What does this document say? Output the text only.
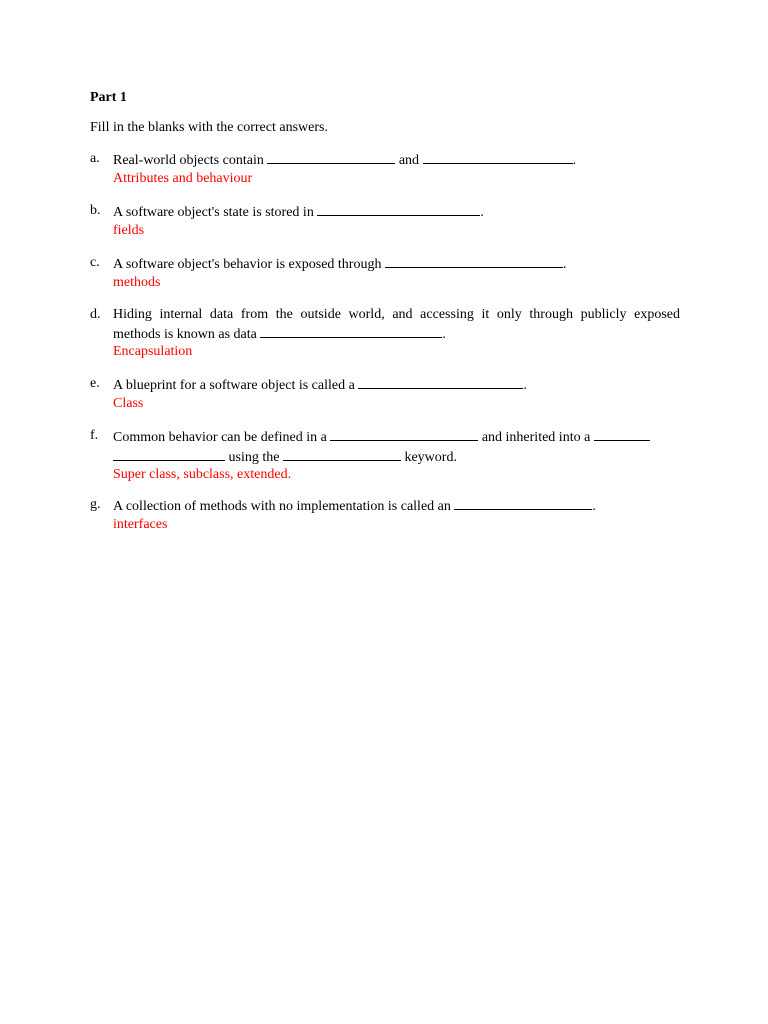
Part 1
Fill in the blanks with the correct answers.
a. Real-world objects contain	and	.
Attributes and behaviour
b. A software object's state is stored in	.
fields
c. A software object's behavior is exposed through	.
methods
d. Hiding internal data from the outside world, and accessing it only through publicly exposed
methods is known as data	.
Encapsulation
e. A blueprint for a software object is called a	.
Class
f.	Common behavior can be defined in a	and inherited into a
using the	keyword.
Super class, subclass, extended.
g. A collection of methods with no implementation is called an	.
interfaces
